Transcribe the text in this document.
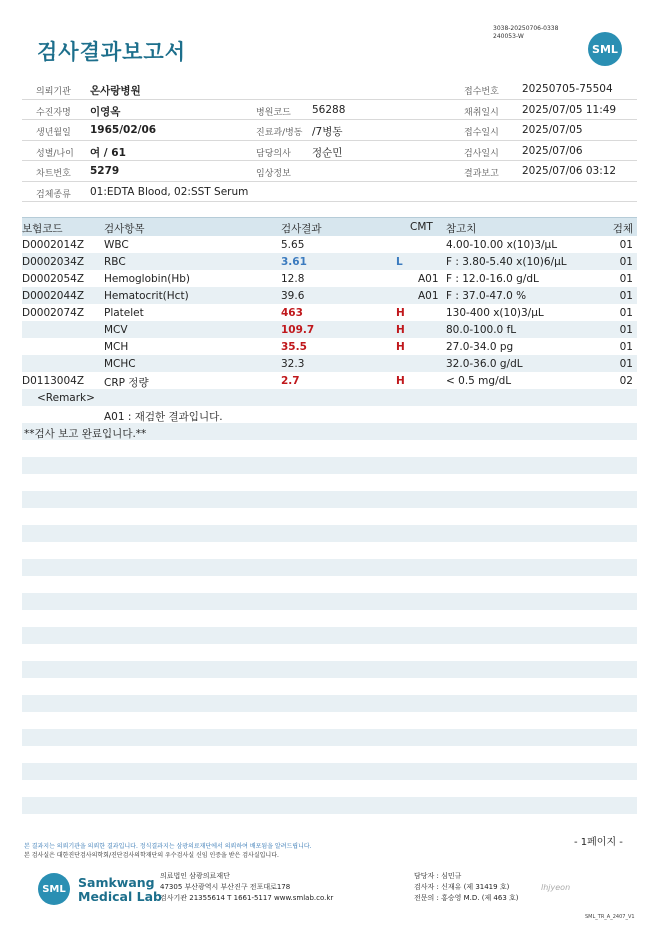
검사결과보고서
3038-20250706-0338
240053-W
SML
의뢰기관 온사랑병원	접수번호 20250705-75504
수진자명 이영옥	병원코드 56288	채취일시 2025/07/05 11:49
생년월일 1965/02/06	진료과/병동 /7병동	접수일시 2025/07/05
성별/나이 여 / 61	담당의사 정순민	검사일시 2025/07/06
차트번호 5279	임상정보	결과보고 2025/07/06 03:12
검체종류 01:EDTA Blood, 02:SST Serum
보험코드	검사항목	검사결과	CMT 참고치	검체
D0002014Z WBC	5.65	4.00-10.00 x(10)3/μL	01
D0002034Z RBC	3.61	L	F : 3.80-5.40 x(10)6/μL	01
D0002054Z Hemoglobin(Hb)	12.8	A01 F : 12.0-16.0 g/dL	01
D0002044Z Hematocrit(Hct)	39.6	A01 F : 37.0-47.0 %	01
D0002074Z Platelet	463	H	130-400 x(10)3/μL	01
MCV	109.7	H	80.0-100.0 fL	01
MCH	35.5	H	27.0-34.0 pg	01
MCHC	32.3	32.0-36.0 g/dL	01
D0113004Z CRP 정량	2.7	H	< 0.5 mg/dL	02
<Remark>
A01 : 재검한 결과입니다.
**검사 보고 완료입니다.**
- 1페이지 -
본 결과지는 의뢰기관을 의뢰한 결과입니다. 정식결과지는 삼광의료재단에서 의뢰하여 배포됨을 알려드립니다.
본 검사실은 대한진단검사의학회/진단검사의학재단의 우수검사실 신임 인증을 받은 검사실입니다.
SML Samkwang
Medical Lab
의료법인 삼광의료재단
47305 부산광역시 부산진구 전포대로178
검사기관 21355614 T 1661-5117 www.smlab.co.kr
담당자 : 심민규
검사자 : 신재유 (제 31419 호)
전문의 : 홍승영 M.D. (제 463 호)
lhjyeon
SML_TR_A_2407_V1
